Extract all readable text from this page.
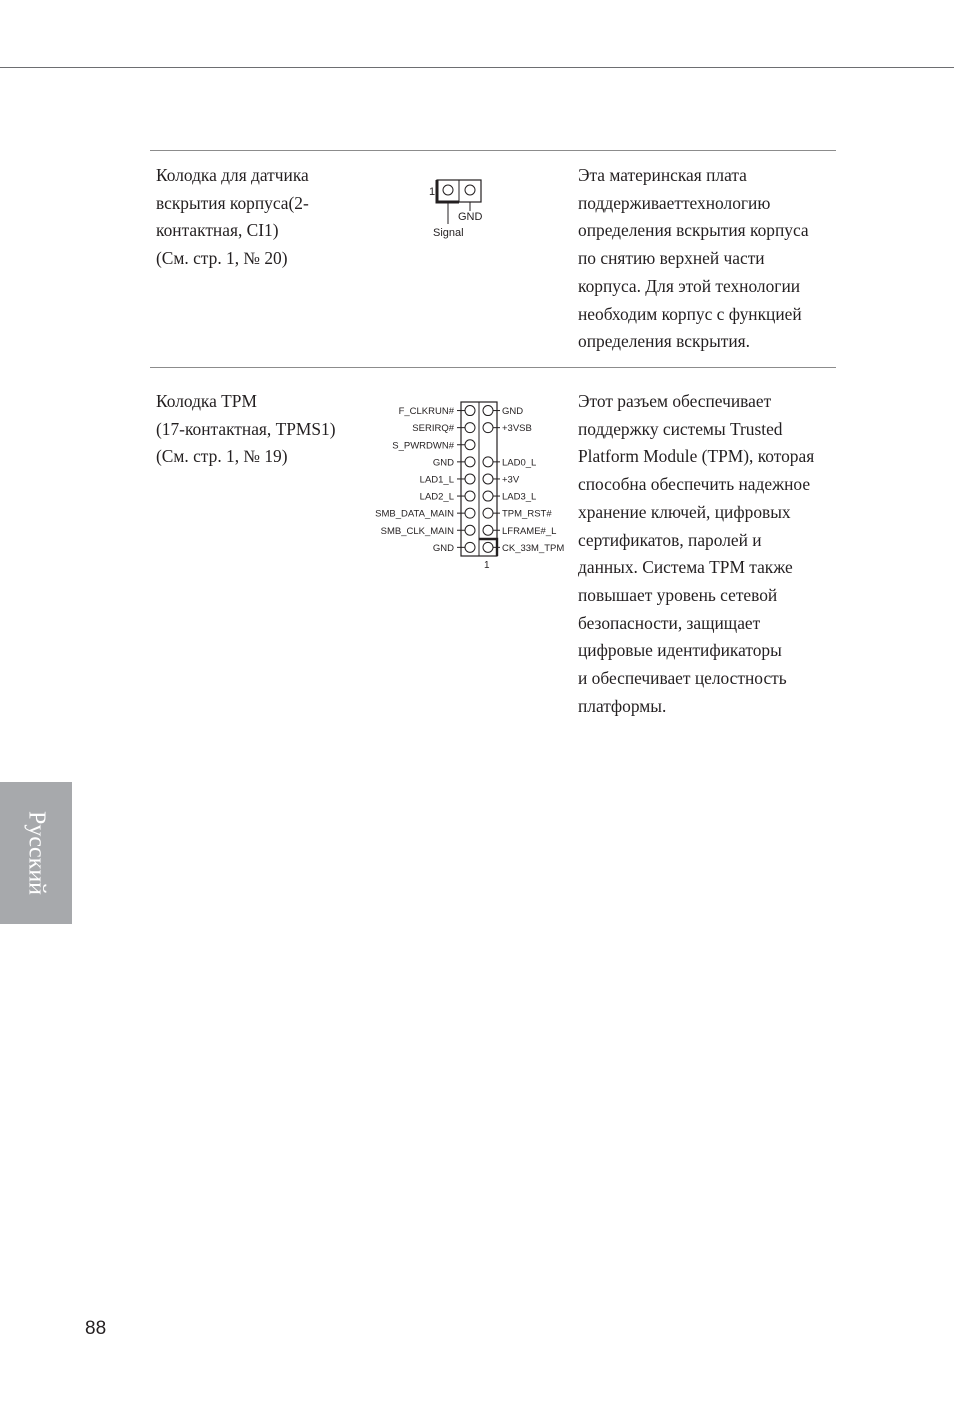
Колодка для датчика
вскрытия корпуса(2-
контактная, CI1)
(См. стр. 1, № 20)
1
GND
Signal
Эта материнская плата
поддерживаеттехнологию
определения вскрытия корпуса
по снятию верхней части
корпуса. Для этой технологии
необходим корпус с функцией
определения вскрытия.
Колодка TPM
(17-контактная, TPMS1)
(См. стр. 1, № 19)
1
F_CLKRUN#
SERIRQ#
S_PWRDWN#
GND
LAD1_L
LAD2_L
SMB_DATA_MAIN
SMB_CLK_MAIN
GND
GND
+3VSB
LAD0_L
+3V
LAD3_L
TPM_RST#
LFRAME#_L
CK_33M_TPM
Этот разъем обеспечивает
поддержку системы Trusted
Platform Module (TPM), которая
способна обеспечить надежное
хранение ключей, цифровых
сертификатов, паролей и
данных. Система TPM также
повышает уровень сетевой
безопасности, защищает
цифровые идентификаторы
и обеспечивает целостность
платформы.
Русский
88
